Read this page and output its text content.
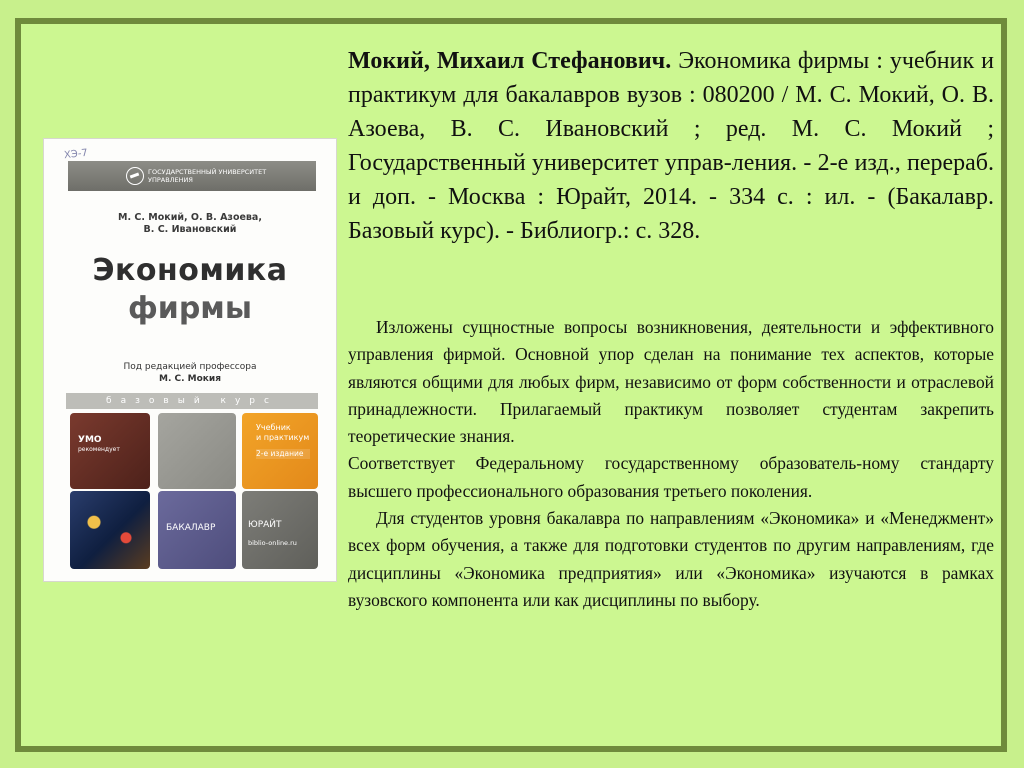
ХЭ-7
ГОСУДАРСТВЕННЫЙ УНИВЕРСИТЕТ
УПРАВЛЕНИЯ
М. С. Мокий, О. В. Азоева,
В. С. Ивановский
Экономика
фирмы
Под редакцией профессора
М. С. Мокия
базовый курс
УМО
рекомендует
Учебник
и практикум
2-е издание
БАКАЛАВР	ЮРАЙТ
biblio-online.ru
Мокий, Михаил Стефанович. Экономика фирмы : учебник и практикум для бакалавров вузов : 080200 / М. С. Мокий, О. В. Азоева, В. С. Ивановский ; ред. М. С. Мокий ; Государственный университет управ-ления. - 2-е изд., перераб. и доп. - Москва : Юрайт, 2014. - 334 с. : ил. - (Бакалавр. Базовый курс). - Библиогр.: с. 328.

Изложены сущностные вопросы возникновения, деятельности и эффективного управления фирмой. Основной упор сделан на понимание тех аспектов, которые являются общими для любых фирм, независимо от форм собственности и отраслевой принадлежности. Прилагаемый практикум позволяет студентам закрепить теоретические знания.

Соответствует Федеральному государственному образователь-ному стандарту высшего профессионального образования третьего поколения.

Для студентов уровня бакалавра по направлениям «Экономика» и «Менеджмент» всех форм обучения, а также для подготовки студентов по другим направлениям, где дисциплины «Экономика предприятия» или «Экономика» изучаются в рамках вузовского компонента или как дисциплины по выбору.
